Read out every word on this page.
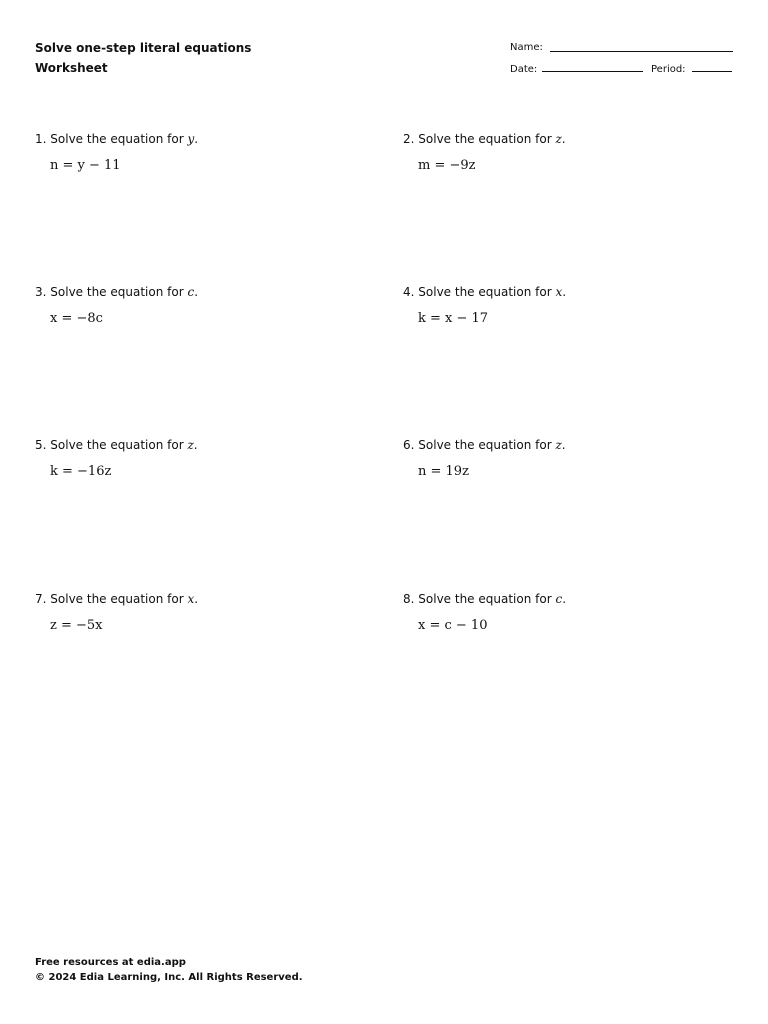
Solve one-step literal equations
Worksheet
Name:
Date:	Period:
1. Solve the equation for y.
n = y − 11
2. Solve the equation for z.
m = −9z
3. Solve the equation for c.
x = −8c
4. Solve the equation for x.
k = x − 17
5. Solve the equation for z.
k = −16z
6. Solve the equation for z.
n = 19z
7. Solve the equation for x.
z = −5x
8. Solve the equation for c.
x = c − 10
Free resources at edia.app
© 2024 Edia Learning, Inc. All Rights Reserved.
